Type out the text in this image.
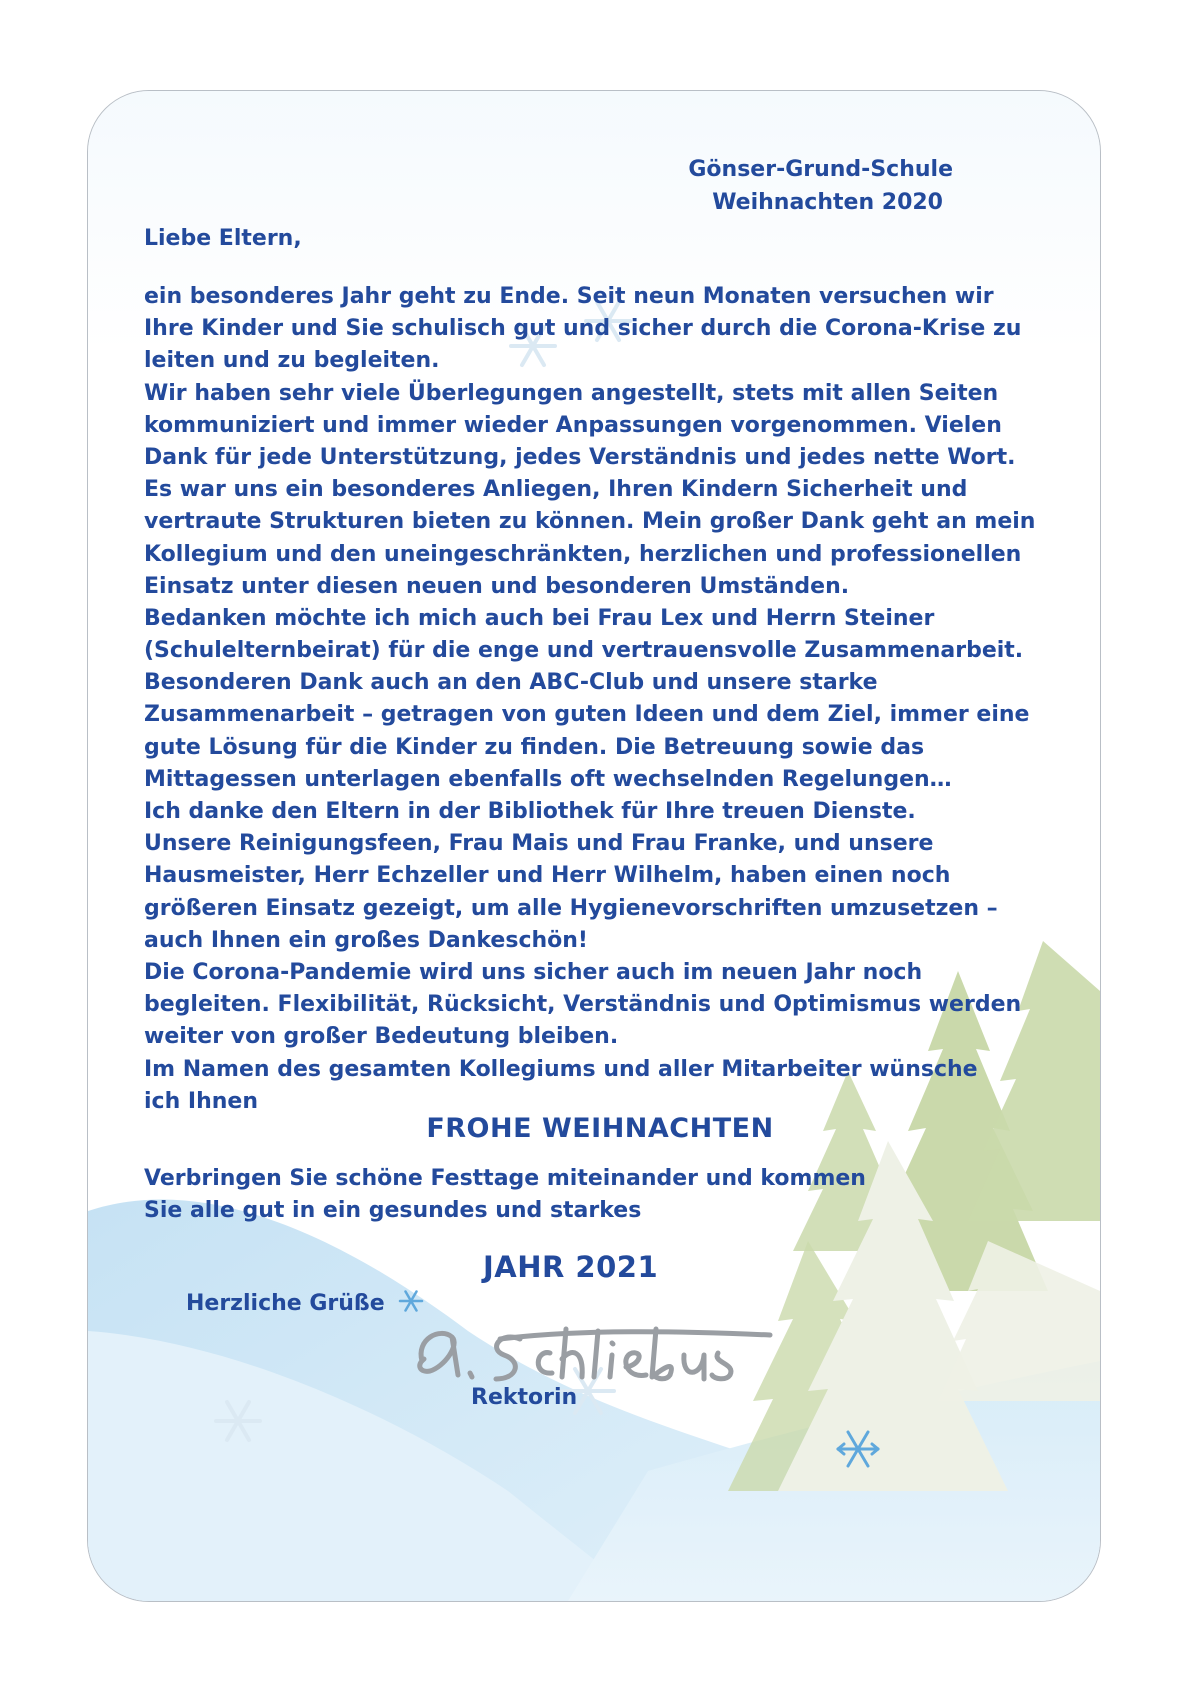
Gönser-Grund-Schule
Weihnachten 2020
Liebe Eltern,
ein besonderes Jahr geht zu Ende. Seit neun Monaten versuchen wir
Ihre Kinder und Sie schulisch gut und sicher durch die Corona-Krise zu
leiten und zu begleiten.
Wir haben sehr viele Überlegungen angestellt, stets mit allen Seiten
kommuniziert und immer wieder Anpassungen vorgenommen. Vielen
Dank für jede Unterstützung, jedes Verständnis und jedes nette Wort.
Es war uns ein besonderes Anliegen, Ihren Kindern Sicherheit und
vertraute Strukturen bieten zu können. Mein großer Dank geht an mein
Kollegium und den uneingeschränkten, herzlichen und professionellen
Einsatz unter diesen neuen und besonderen Umständen.
Bedanken möchte ich mich auch bei Frau Lex und Herrn Steiner
(Schulelternbeirat) für die enge und vertrauensvolle Zusammenarbeit.
Besonderen Dank auch an den ABC-Club und unsere starke
Zusammenarbeit – getragen von guten Ideen und dem Ziel, immer eine
gute Lösung für die Kinder zu finden. Die Betreuung sowie das
Mittagessen unterlagen ebenfalls oft wechselnden Regelungen…
Ich danke den Eltern in der Bibliothek für Ihre treuen Dienste.
Unsere Reinigungsfeen, Frau Mais und Frau Franke, und unsere
Hausmeister, Herr Echzeller und Herr Wilhelm, haben einen noch
größeren Einsatz gezeigt, um alle Hygienevorschriften umzusetzen –
auch Ihnen ein großes Dankeschön!
Die Corona-Pandemie wird uns sicher auch im neuen Jahr noch
begleiten. Flexibilität, Rücksicht, Verständnis und Optimismus werden
weiter von großer Bedeutung bleiben.
Im Namen des gesamten Kollegiums und aller Mitarbeiter wünsche
ich Ihnen
FROHE WEIHNACHTEN
Verbringen Sie schöne Festtage miteinander und kommen
Sie alle gut in ein gesundes und starkes
JAHR 2021
Herzliche Grüße
Rektorin
